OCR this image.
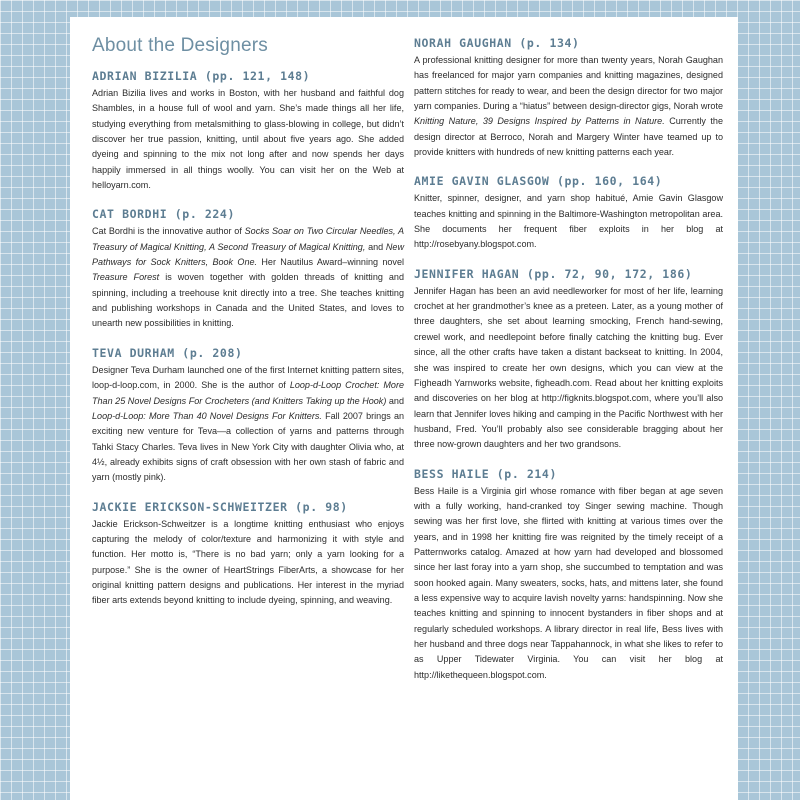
About the Designers
ADRIAN BIZILIA (pp. 121, 148)

Adrian Bizilia lives and works in Boston, with her husband and faithful dog Shambles, in a house full of wool and yarn. She’s made things all her life, studying everything from metalsmithing to glass-blowing in college, but didn’t discover her true passion, knitting, until about five years ago. She added dyeing and spinning to the mix not long after and now spends her days happily immersed in all things woolly. You can visit her on the Web at helloyarn.com.

CAT BORDHI (p. 224)

Cat Bordhi is the innovative author of Socks Soar on Two Circular Needles, A Treasury of Magical Knitting, A Second Treasury of Magical Knitting, and New Pathways for Sock Knitters, Book One. Her Nautilus Award–winning novel Treasure Forest is woven together with golden threads of knitting and spinning, including a treehouse knit directly into a tree. She teaches knitting and publishing workshops in Canada and the United States, and loves to unearth new possibilities in knitting.

TEVA DURHAM (p. 208)

Designer Teva Durham launched one of the first Internet knitting pattern sites, loop-d-loop.com, in 2000. She is the author of Loop-d-Loop Crochet: More Than 25 Novel Designs For Crocheters (and Knitters Taking up the Hook) and Loop-d-Loop: More Than 40 Novel Designs For Knitters. Fall 2007 brings an exciting new venture for Teva—a collection of yarns and patterns through Tahki Stacy Charles. Teva lives in New York City with daughter Olivia who, at 4½, already exhibits signs of craft obsession with her own stash of fabric and yarn (mostly pink).

JACKIE ERICKSON-SCHWEITZER (p. 98)

Jackie Erickson-Schweitzer is a longtime knitting enthusiast who enjoys capturing the melody of color/texture and harmonizing it with style and function. Her motto is, “There is no bad yarn; only a yarn looking for a purpose.” She is the owner of HeartStrings FiberArts, a showcase for her original knitting pattern designs and publications. Her interest in the myriad fiber arts extends beyond knitting to include dyeing, spinning, and weaving.

NORAH GAUGHAN (p. 134)

A professional knitting designer for more than twenty years, Norah Gaughan has freelanced for major yarn companies and knitting magazines, designed pattern stitches for ready to wear, and been the design director for two major yarn companies. During a “hiatus” between design-director gigs, Norah wrote Knitting Nature, 39 Designs Inspired by Patterns in Nature. Currently the design director at Berroco, Norah and Margery Winter have teamed up to provide knitters with hundreds of new knitting patterns each year.

AMIE GAVIN GLASGOW (pp. 160, 164)

Knitter, spinner, designer, and yarn shop habitué, Amie Gavin Glasgow teaches knitting and spinning in the Baltimore-Washington metropolitan area. She documents her frequent fiber exploits in her blog at http://rosebyany.blogspot.com.

JENNIFER HAGAN (pp. 72, 90, 172, 186)

Jennifer Hagan has been an avid needleworker for most of her life, learning crochet at her grandmother’s knee as a preteen. Later, as a young mother of three daughters, she set about learning smocking, French hand-sewing, crewel work, and needlepoint before finally catching the knitting bug. Ever since, all the other crafts have taken a distant backseat to knitting. In 2004, she was inspired to create her own designs, which you can view at the Figheadh Yarnworks website, figheadh.com. Read about her knitting exploits and discoveries on her blog at http://figknits.blogspot.com, where you’ll also learn that Jennifer loves hiking and camping in the Pacific Northwest with her husband, Fred. You’ll probably also see considerable bragging about her three now-grown daughters and her two grandsons.

BESS HAILE (p. 214)

Bess Haile is a Virginia girl whose romance with fiber began at age seven with a fully working, hand-cranked toy Singer sewing machine. Though sewing was her first love, she flirted with knitting at various times over the years, and in 1998 her knitting fire was reignited by the timely receipt of a Patternworks catalog. Amazed at how yarn had developed and blossomed since her last foray into a yarn shop, she succumbed to temptation and was soon hooked again. Many sweaters, socks, hats, and mittens later, she found a less expensive way to acquire lavish novelty yarns: handspinning. Now she teaches knitting and spinning to innocent bystanders in fiber shops and at regularly scheduled workshops. A library director in real life, Bess lives with her husband and three dogs near Tappahannock, in what she likes to refer to as Upper Tidewater Virginia. You can visit her blog at http://likethequeen.blogspot.com.
